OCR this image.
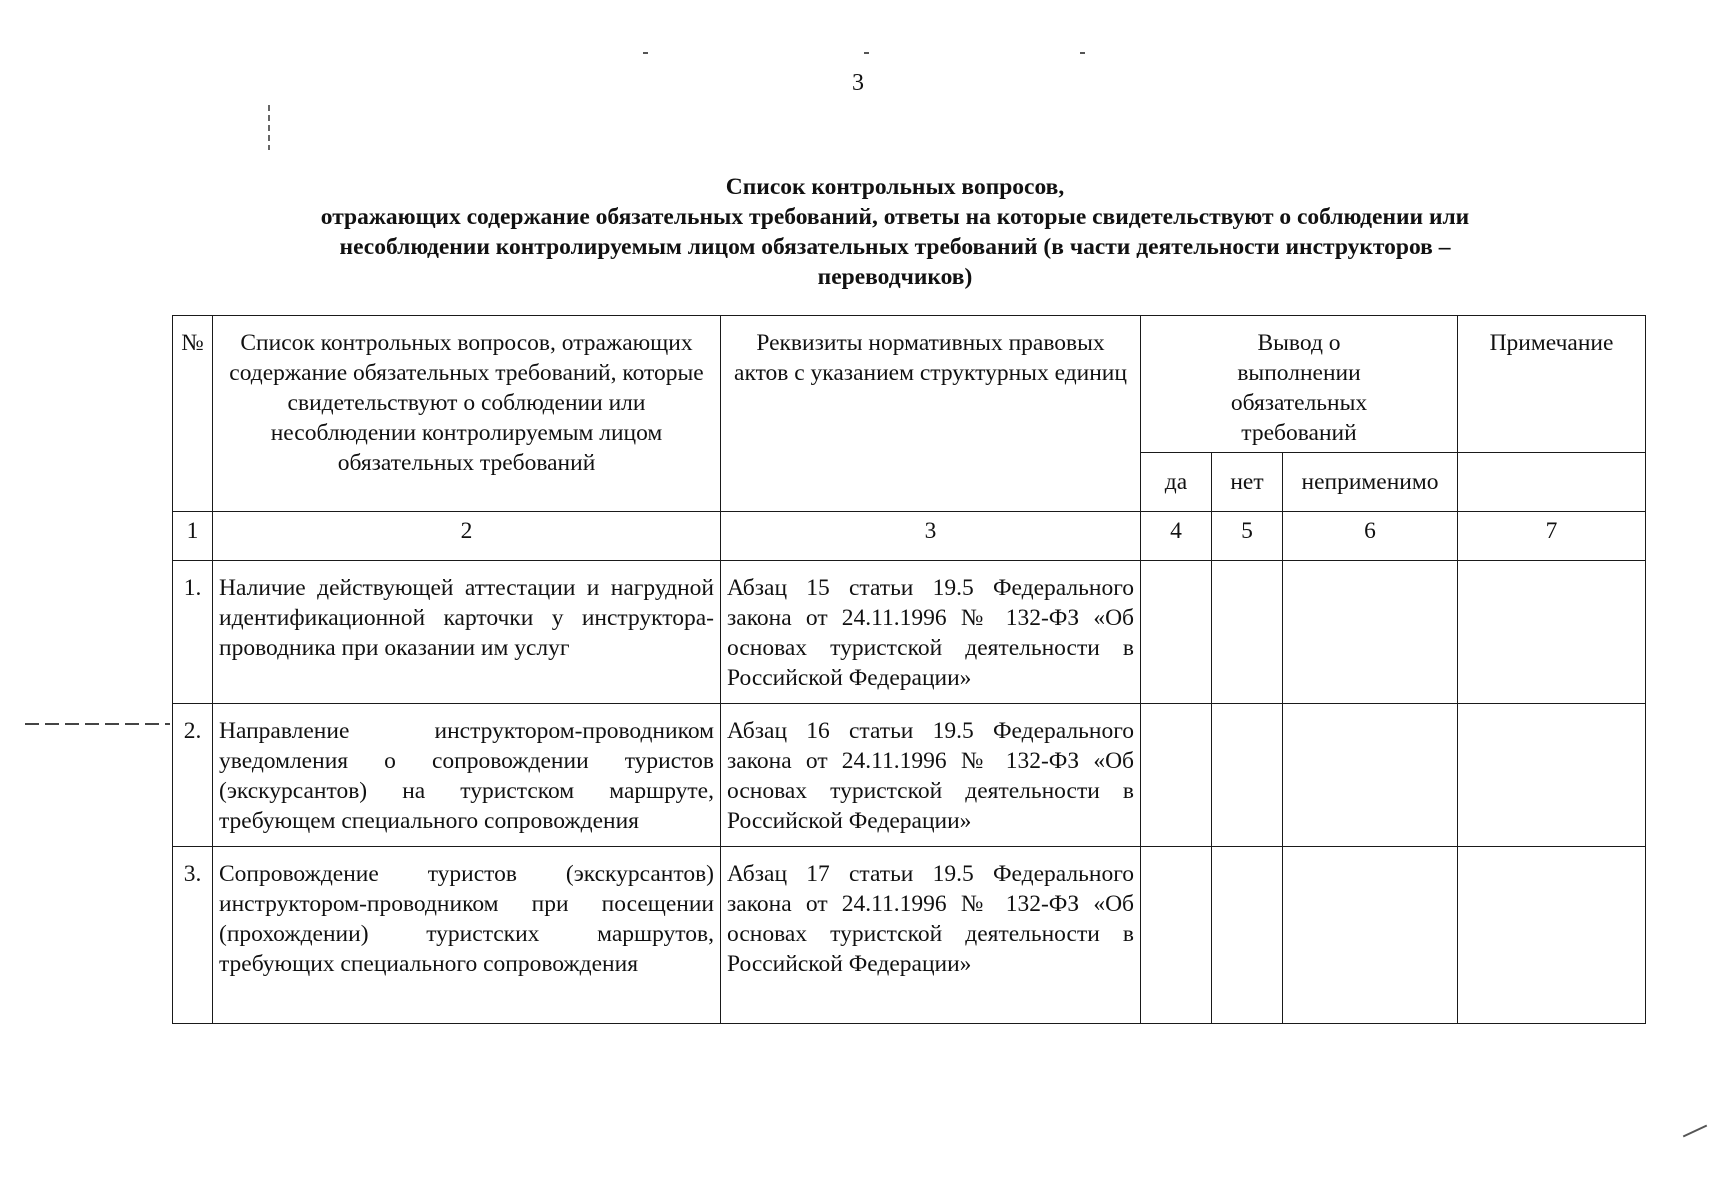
3
Список контрольных вопросов,
отражающих содержание обязательных требований, ответы на которые свидетельствуют о соблюдении или
несоблюдении контролируемым лицом обязательных требований (в части деятельности инструкторов –
переводчиков)
№	Список контрольных вопросов, отражающих содержание обязательных требований, которые свидетельствуют о соблюдении или несоблюдении контролируемым лицом обязательных требований	Реквизиты нормативных правовых актов с указанием структурных единиц	Вывод о выполнении обязательных требований			Примечание
			да	нет	неприменимо	
1	2	3	4	5	6	7
1.	Наличие действующей аттестации и нагрудной идентификационной карточки у инструктора-проводника при оказании им услуг	Абзац 15 статьи 19.5 Федерального закона от 24.11.1996 № 132-ФЗ «Об основах туристской деятельности в Российской Федерации»				
2.	Направление инструктором-проводником уведомления о сопровождении туристов (экскурсантов) на туристском маршруте, требующем специального сопровождения	Абзац 16 статьи 19.5 Федерального закона от 24.11.1996 № 132-ФЗ «Об основах туристской деятельности в Российской Федерации»				
3.	Сопровождение туристов (экскурсантов) инструктором-проводником при посещении (прохождении) туристских маршрутов, требующих специального сопровождения	Абзац 17 статьи 19.5 Федерального закона от 24.11.1996 № 132-ФЗ «Об основах туристской деятельности в Российской Федерации»				
